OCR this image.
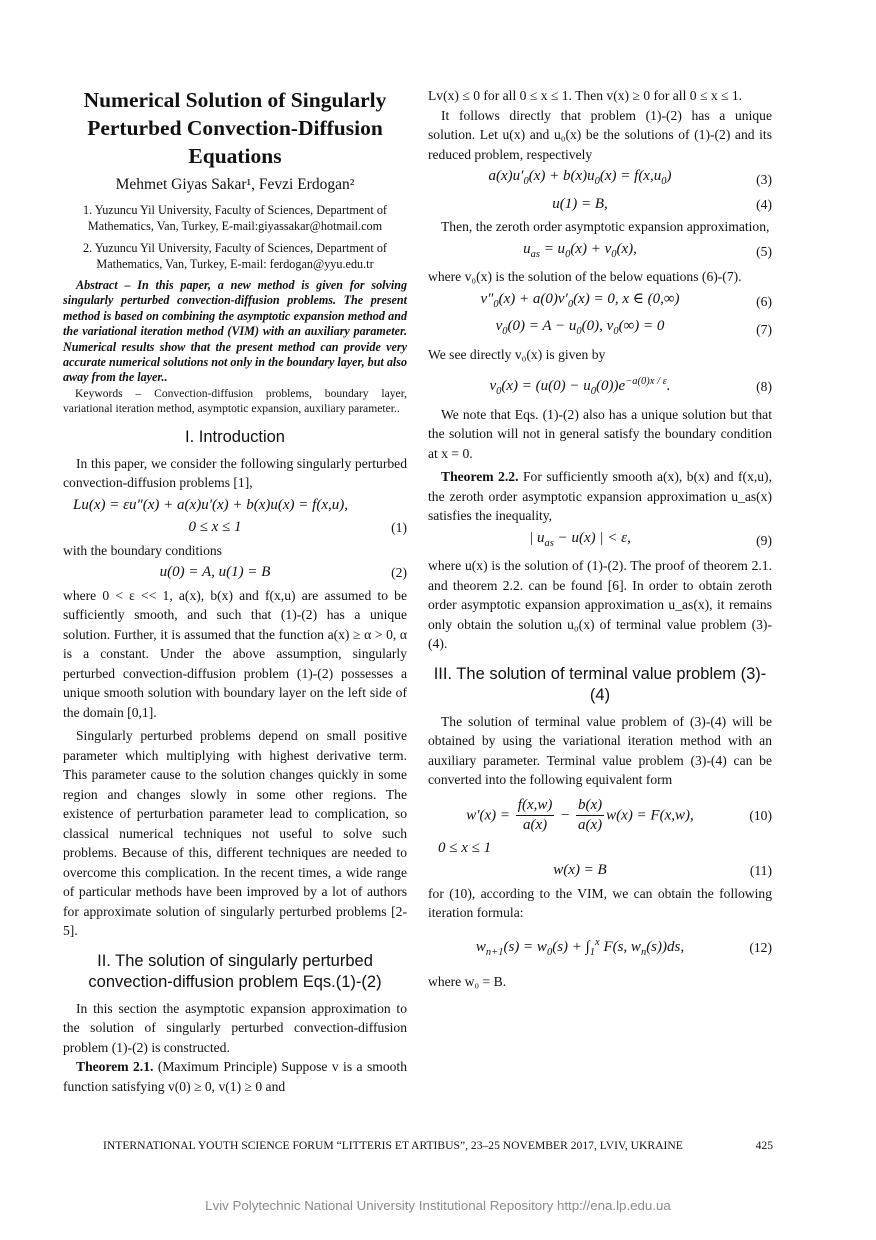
Numerical Solution of Singularly Perturbed Convection-Diffusion Equations
Mehmet Giyas Sakar¹, Fevzi Erdogan²
1. Yuzuncu Yil University, Faculty of Sciences, Department of Mathematics, Van, Turkey, E-mail:giyassakar@hotmail.com
2. Yuzuncu Yil University, Faculty of Sciences, Department of Mathematics, Van, Turkey, E-mail: ferdogan@yyu.edu.tr

Abstract – In this paper, a new method is given for solving singularly perturbed convection-diffusion problems. The present method is based on combining the asymptotic expansion method and the variational iteration method (VIM) with an auxiliary parameter. Numerical results show that the present method can provide very accurate numerical solutions not only in the boundary layer, but also away from the layer..

Keywords – Convection-diffusion problems, boundary layer, variational iteration method, asymptotic expansion, auxiliary parameter..

I. Introduction

In this paper, we consider the following singularly perturbed convection-diffusion problems [1],

Lu(x) = εu″(x) + a(x)u′(x) + b(x)u(x) = f(x,u),
0 ≤ x ≤ 1	(1)

with the boundary conditions

u(0) = A, u(1) = B	(2)

where 0 < ε << 1, a(x), b(x) and f(x,u) are assumed to be sufficiently smooth, and such that (1)-(2) has a unique solution. Further, it is assumed that the function a(x) ≥ α > 0, α is a constant. Under the above assumption, singularly perturbed convection-diffusion problem (1)-(2) possesses a unique smooth solution with boundary layer on the left side of the domain [0,1].

Singularly perturbed problems depend on small positive parameter which multiplying with highest derivative term. This parameter cause to the solution changes quickly in some region and changes slowly in some other regions. The existence of perturbation parameter lead to complication, so classical numerical techniques not useful to solve such problems. Because of this, different techniques are needed to overcome this complication. In the recent times, a wide range of particular methods have been improved by a lot of authors for approximate solution of singularly perturbed problems [2-5].

II. The solution of singularly perturbed convection-diffusion problem Eqs.(1)-(2)

In this section the asymptotic expansion approximation to the solution of singularly perturbed convection-diffusion problem (1)-(2) is constructed.

Theorem 2.1. (Maximum Principle) Suppose v is a smooth function satisfying v(0) ≥ 0, v(1) ≥ 0 and

Lv(x) ≤ 0 for all 0 ≤ x ≤ 1. Then v(x) ≥ 0 for all 0 ≤ x ≤ 1.

It follows directly that problem (1)-(2) has a unique solution. Let u(x) and u₀(x) be the solutions of (1)-(2) and its reduced problem, respectively

$a(x)u'_0(x) + b(x)u_0(x) = f(x,u_0)$	(3)
u(1) = B,	(4)

Then, the zeroth order asymptotic expansion approximation,

$u_{as} = u_0(x) + v_0(x)$,	(5)

where v₀(x) is the solution of the below equations (6)-(7).

$v''_0(x) + a(0)v'_0(x) = 0$, x ∈ (0,∞)	(6)
$v_0(0) = A - u_0(0)$, $v_0(\infty) = 0$	(7)

We see directly v₀(x) is given by

$v_0(x) = (u(0) - u_0(0))e^{-a(0)x / \varepsilon}$.	(8)

We note that Eqs. (1)-(2) also has a unique solution but that the solution will not in general satisfy the boundary condition at x = 0.

Theorem 2.2. For sufficiently smooth a(x), b(x) and f(x,u), the zeroth order asymptotic expansion approximation u_as(x) satisfies the inequality,

| $u_{as} - u(x)$ | < ε,	(9)

where u(x) is the solution of (1)-(2). The proof of theorem 2.1. and theorem 2.2. can be found [6]. In order to obtain zeroth order asymptotic expansion approximation u_as(x), it remains only obtain the solution u₀(x) of terminal value problem (3)-(4).

III. The solution of terminal value problem (3)-(4)

The solution of terminal value problem of (3)-(4) will be obtained by using the variational iteration method with an auxiliary parameter. Terminal value problem (3)-(4) can be converted into the following equivalent form

$w'(x) = \frac{f(x,w)}{a(x)} - \frac{b(x)}{a(x)} w(x) = F(x,w)$,	(10)
0 ≤ x ≤ 1
w(x) = B	(11)

for (10), according to the VIM, we can obtain the following iteration formula:

$w_{n+1}(s) = w_0(s) + \int_1^x$ F(s, $w_n(s))ds$,	(12)

where w₀ = B.

INTERNATIONAL YOUTH SCIENCE FORUM “LITTERIS ET ARTIBUS”, 23–25 NOVEMBER 2017, LVIV, UKRAINE	425
Lviv Polytechnic National University Institutional Repository http://ena.lp.edu.ua
